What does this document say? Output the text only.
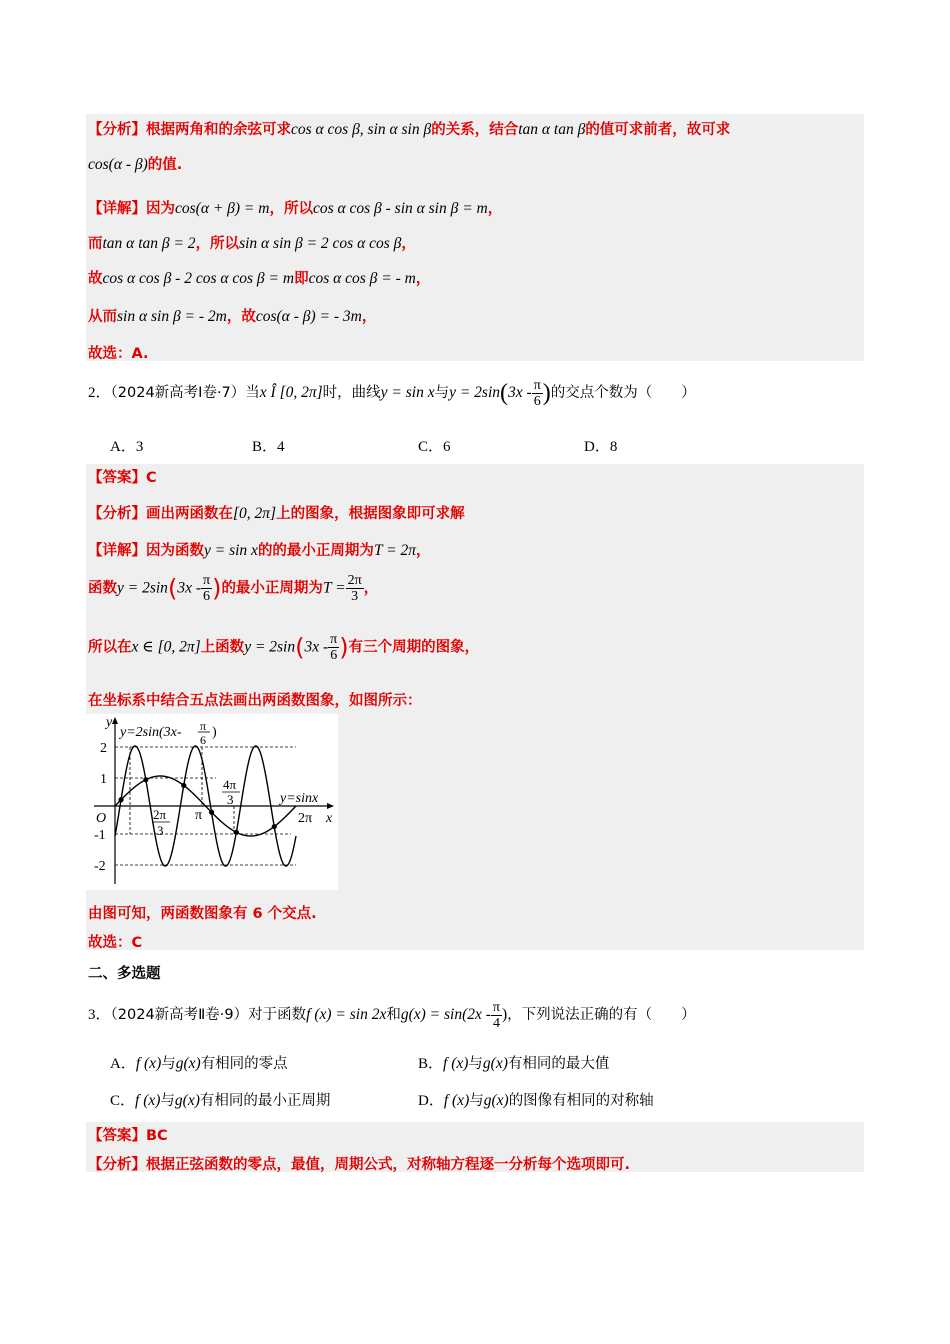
【分析】根据两角和的余弦可求cos α cos β, sin α sin β的关系，结合tan α tan β的值可求前者，故可求
cos(α - β)的值.
【详解】因为cos(α + β) = m，所以cos α cos β - sin α sin β = m，
而tan α tan β = 2，所以sin α sin β = 2 cos α cos β，
故cos α cos β - 2 cos α cos β = m即cos α cos β = - m，
从而sin α sin β = - 2m，故cos(α - β) = - 3m，
故选：A.
2．（2024新高考Ⅰ卷·7）当x Î [0, 2π]时，曲线y = sin x与$y = 2\sin(3x - \frac{\pi}{6}$ )的交点个数为（　　）
A．3	B．4	C．6	D．8
【答案】C
【分析】画出两函数在[0, 2π]上的图象，根据图象即可求解
【详解】因为函数y = sin x的的最小正周期为T = 2π，
函数$y = 2\sin(3x - \frac{\pi}{6}$ )的最小正周期为$T = \frac{2\pi}{3}$ ，
所以在x ∈ [0, 2π]上函数$y = 2\sin(3x - \frac{\pi}{6}$ )有三个周期的图象，
在坐标系中结合五点法画出两函数图象，如图所示：
y
x
O
2
1
-1
-2
y=2sin(3x- π
6 )
y=sinx
2π
3
π
4π
3
2π
由图可知，两函数图象有 6 个交点.
故选：C
二、多选题
3．（2024新高考Ⅱ卷·9）对于函数f (x) = sin 2x和$g(x) = \sin(2x - \frac{\pi}{4}$ )，下列说法正确的有（　　）
A．f (x)与g(x)有相同的零点	B．f (x)与g(x)有相同的最大值
C．f (x)与g(x)有相同的最小正周期	D．f (x)与g(x)的图像有相同的对称轴
【答案】BC
【分析】根据正弦函数的零点，最值，周期公式，对称轴方程逐一分析每个选项即可.
